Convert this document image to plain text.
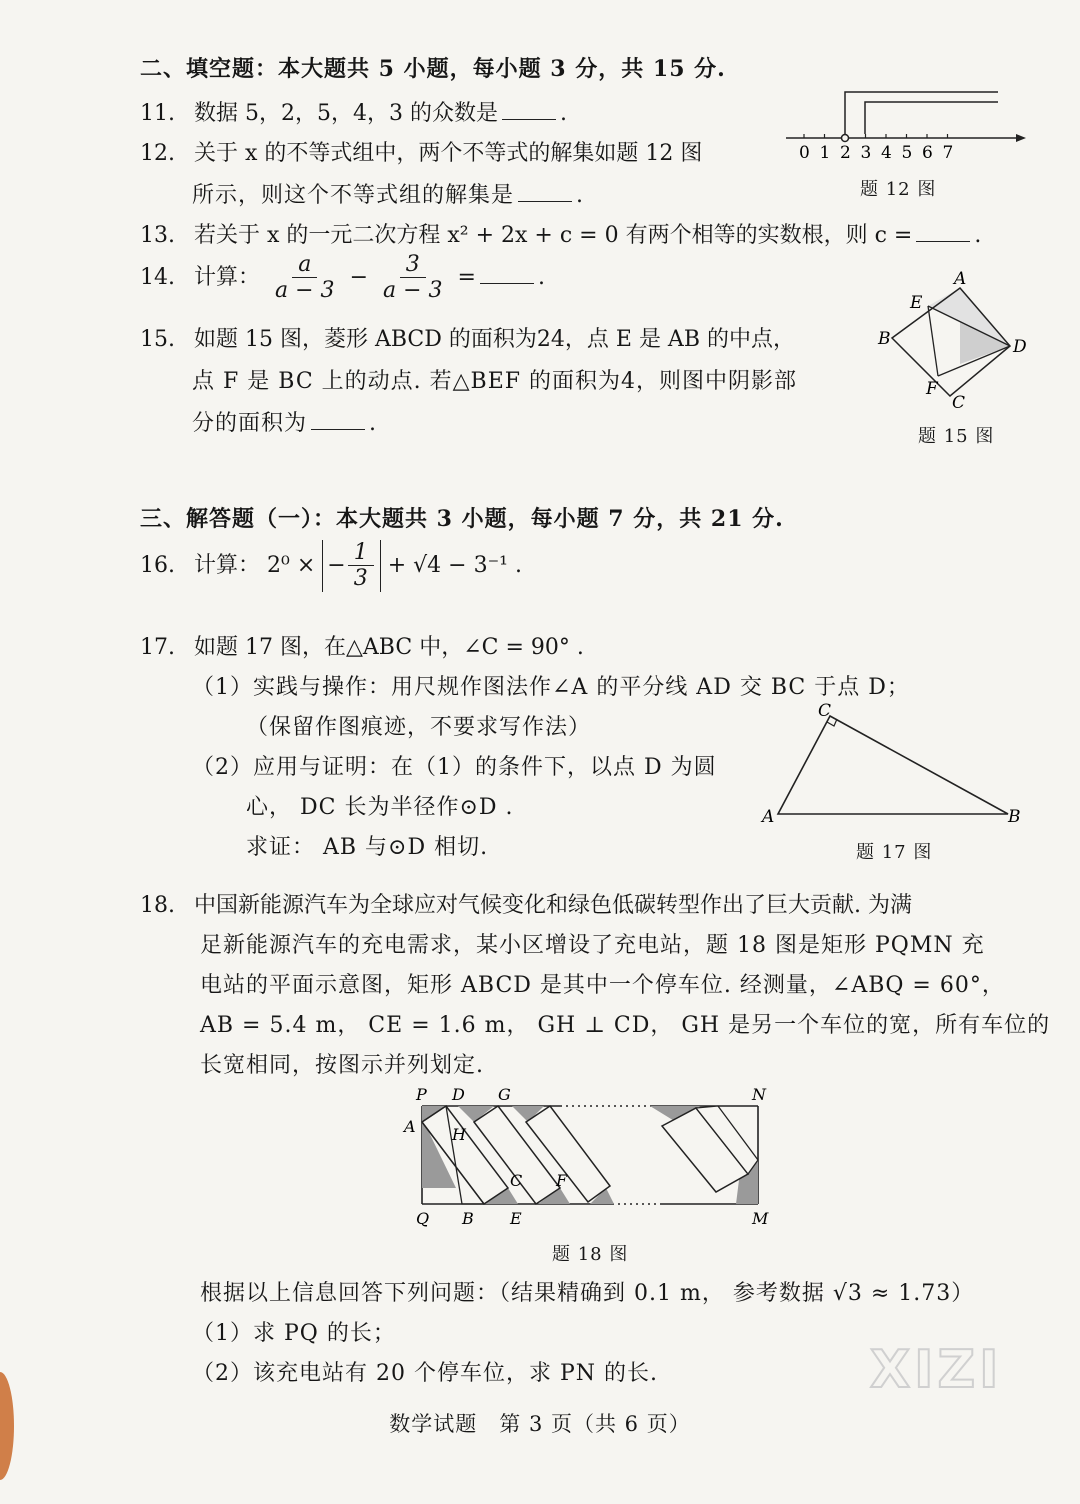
二、填空题：本大题共 5 小题，每小题 3 分，共 15 分.
11. 数据 5，2，5，4，3 的众数是	.
12. 关于 x 的不等式组中，两个不等式的解集如题 12 图
所示，则这个不等式组的解集是	.
0 1 2 3 4 5 6 7
题 12 图
13. 若关于 x 的一元二次方程 x² + 2x + c = 0 有两个相等的实数根，则 c =	.
14. 计算： $\frac{a}{a - 3} - \frac{3}{a - 3}$ =	.
15. 如题 15 图，菱形 ABCD 的面积为24，点 E 是 AB 的中点，
点 F 是 BC 上的动点. 若△BEF 的面积为4，则图中阴影部
分的面积为	.
A
B
C
D
E
F
题 15 图
三、解答题（一）：本大题共 3 小题，每小题 7 分，共 21 分.
16. 计算： 2⁰ × − $\frac{1}{3} + √4 - 3^{-1}$ .
17. 如题 17 图，在△ABC 中，∠C = 90° .
（1）实践与操作：用尺规作图法作∠A 的平分线 AD 交 BC 于点 D；
（保留作图痕迹，不要求写作法）
（2）应用与证明：在（1）的条件下，以点 D 为圆
心， DC 长为半径作⊙D .
求证： AB 与⊙D 相切.
C
A	B
题 17 图
18. 中国新能源汽车为全球应对气候变化和绿色低碳转型作出了巨大贡献. 为满
足新能源汽车的充电需求，某小区增设了充电站，题 18 图是矩形 PQMN 充
电站的平面示意图，矩形 ABCD 是其中一个停车位. 经测量，∠ABQ = 60°，
AB = 5.4 m， CE = 1.6 m， GH ⊥ CD， GH 是另一个车位的宽，所有车位的
长宽相同，按图示并列划定.
P D G	N
A H
C F
Q B E	M
题 18 图
根据以上信息回答下列问题：（结果精确到 0.1 m， 参考数据 √3 ≈ 1.73）
（1）求 PQ 的长；
（2）该充电站有 20 个停车位，求 PN 的长.
数学试题　第 3 页（共 6 页）
XIZI
